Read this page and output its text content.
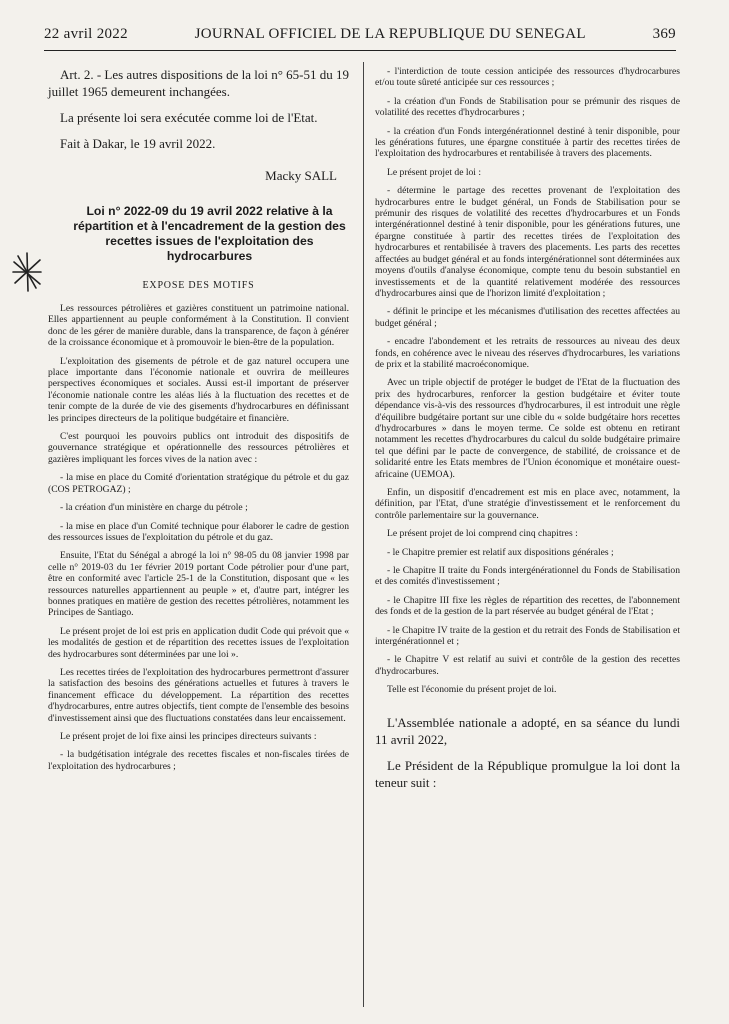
22 avril 2022	JOURNAL OFFICIEL DE LA REPUBLIQUE DU SENEGAL	369

Art. 2. - Les autres dispositions de la loi n° 65-51 du 19 juillet 1965 demeurent inchangées.

La présente loi sera exécutée comme loi de l'Etat.

Fait à Dakar, le 19 avril 2022.

Macky SALL

Loi n° 2022-09 du 19 avril 2022 relative à la répartition et à l'encadrement de la gestion des recettes issues de l'exploitation des hydrocarbures

EXPOSE DES MOTIFS

Les ressources pétrolières et gazières constituent un patrimoine national. Elles appartiennent au peuple conformément à la Constitution. Il convient donc de les gérer de manière durable, dans la transparence, de façon à générer de la croissance économique et à promouvoir le bien-être de la population.

L'exploitation des gisements de pétrole et de gaz naturel occupera une place importante dans l'économie nationale et ouvrira de meilleures perspectives économiques et sociales. Aussi est-il important de préserver l'économie nationale contre les aléas liés à la fluctuation des recettes et de tenir compte de la durée de vie des gisements d'hydrocarbures en définissant les principes directeurs de la politique budgétaire et financière.

C'est pourquoi les pouvoirs publics ont introduit des dispositifs de gouvernance stratégique et opérationnelle des ressources pétrolières et gazières impliquant les forces vives de la nation avec :

- la mise en place du Comité d'orientation stratégique du pétrole et du gaz (COS PETROGAZ) ;

- la création d'un ministère en charge du pétrole ;

- la mise en place d'un Comité technique pour élaborer le cadre de gestion des ressources issues de l'exploitation du pétrole et du gaz.

Ensuite, l'Etat du Sénégal a abrogé la loi n° 98-05 du 08 janvier 1998 par celle n° 2019-03 du 1er février 2019 portant Code pétrolier pour d'une part, être en conformité avec l'article 25-1 de la Constitution, disposant que « les ressources naturelles appartiennent au peuple » et, d'autre part, intégrer les bonnes pratiques en matière de gestion des recettes pétrolières, notamment les Principes de Santiago.

Le présent projet de loi est pris en application dudit Code qui prévoit que « les modalités de gestion et de répartition des recettes issues de l'exploitation des hydrocarbures sont déterminées par une loi ».

Les recettes tirées de l'exploitation des hydrocarbures permettront d'assurer la satisfaction des besoins des générations actuelles et futures à travers le financement efficace du développement. La répartition des recettes d'hydrocarbures, entre autres objectifs, tient compte de l'ensemble des besoins d'investissement ainsi que des fluctuations constatées dans leur encaissement.

Le présent projet de loi fixe ainsi les principes directeurs suivants :

- la budgétisation intégrale des recettes fiscales et non-fiscales tirées de l'exploitation des hydrocarbures ;

- l'interdiction de toute cession anticipée des ressources d'hydrocarbures et/ou toute sûreté anticipée sur ces ressources ;

- la création d'un Fonds de Stabilisation pour se prémunir des risques de volatilité des recettes d'hydrocarbures ;

- la création d'un Fonds intergénérationnel destiné à tenir disponible, pour les générations futures, une épargne constituée à partir des recettes tirées de l'exploitation des hydrocarbures et rentabilisée à travers des placements.

Le présent projet de loi :

- détermine le partage des recettes provenant de l'exploitation des hydrocarbures entre le budget général, un Fonds de Stabilisation pour se prémunir des risques de volatilité des recettes d'hydrocarbures et un Fonds intergénérationnel destiné à tenir disponible, pour les générations futures, une épargne constituée à partir des recettes tirées de l'exploitation des hydrocarbures et rentabilisée à travers des placements. Les parts des recettes affectées au budget général et au fonds intergénérationnel sont déterminées aux moyens d'outils d'analyse économique, compte tenu du besoin substantiel en investissements et de la quantité relativement modérée des ressources d'hydrocarbures ainsi que de l'horizon limité d'exploitation ;

- définit le principe et les mécanismes d'utilisation des recettes affectées au budget général ;

- encadre l'abondement et les retraits de ressources au niveau des deux fonds, en cohérence avec le niveau des réserves d'hydrocarbures, les variations de prix et la stabilité macroéconomique.

Avec un triple objectif de protéger le budget de l'Etat de la fluctuation des prix des hydrocarbures, renforcer la gestion budgétaire et éviter toute dépendance vis-à-vis des ressources d'hydrocarbures, il est introduit une règle d'équilibre budgétaire portant sur une cible du « solde budgétaire hors recettes d'hydrocarbures » dans le moyen terme. Ce solde est obtenu en retirant notamment les recettes d'hydrocarbures du calcul du solde budgétaire primaire tel que défini par le pacte de convergence, de stabilité, de croissance et de solidarité entre les Etats membres de l'Union économique et monétaire ouest-africaine (UEMOA).

Enfin, un dispositif d'encadrement est mis en place avec, notamment, la définition, par l'Etat, d'une stratégie d'investissement et le renforcement du contrôle parlementaire sur la gouvernance.

Le présent projet de loi comprend cinq chapitres :

- le Chapitre premier est relatif aux dispositions générales ;

- le Chapitre II traite du Fonds intergénérationnel du Fonds de Stabilisation et des comités d'investissement ;

- le Chapitre III fixe les règles de répartition des recettes, de l'abonnement des fonds et de la gestion de la part réservée au budget général de l'Etat ;

- le Chapitre IV traite de la gestion et du retrait des Fonds de Stabilisation et intergénérationnel et ;

- le Chapitre V est relatif au suivi et contrôle de la gestion des recettes d'hydrocarbures.

Telle est l'économie du présent projet de loi.

L'Assemblée nationale a adopté, en sa séance du lundi 11 avril 2022,

Le Président de la République promulgue la loi dont la teneur suit :
